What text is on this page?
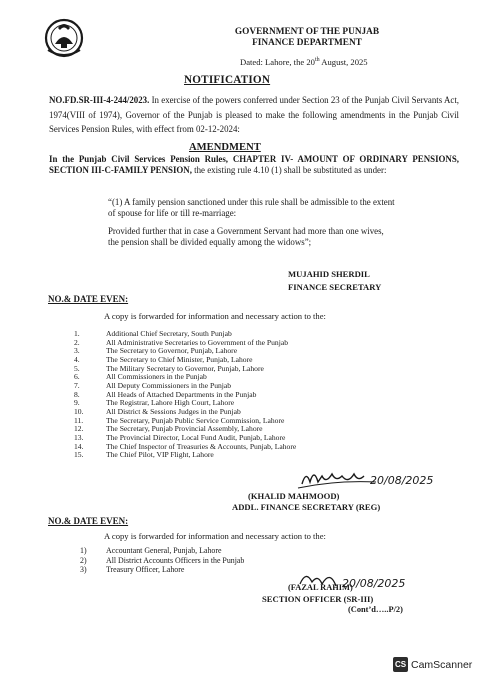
GOVERNMENT OF THE PUNJAB
FINANCE DEPARTMENT
Dated: Lahore, the 20th August, 2025
NOTIFICATION
NO.FD.SR-III-4-244/2023. In exercise of the powers conferred under Section 23 of the Punjab Civil Servants Act, 1974(VIII of 1974), Governor of the Punjab is pleased to make the following amendments in the Punjab Civil Services Pension Rules, with effect from 02-12-2024:
AMENDMENT
In the Punjab Civil Services Pension Rules, CHAPTER IV- AMOUNT OF ORDINARY PENSIONS, SECTION III-C-FAMILY PENSION, the existing rule 4.10 (1) shall be substituted as under:
“(1) A family pension sanctioned under this rule shall be admissible to the extent of spouse for life or till re-marriage:
Provided further that in case a Government Servant had more than one wives, the pension shall be divided equally among the widows”;
MUJAHID SHERDIL
FINANCE SECRETARY
NO.& DATE EVEN:
A copy is forwarded for information and necessary action to the:
1.	Additional Chief Secretary, South Punjab
2.	All Administrative Secretaries to Government of the Punjab
3.	The Secretary to Governor, Punjab, Lahore
4.	The Secretary to Chief Minister, Punjab, Lahore
5.	The Military Secretary to Governor, Punjab, Lahore
6.	All Commissioners in the Punjab
7.	All Deputy Commissioners in the Punjab
8.	All Heads of Attached Departments in the Punjab
9.	The Registrar, Lahore High Court, Lahore
10.	All District & Sessions Judges in the Punjab
11.	The Secretary, Punjab Public Service Commission, Lahore
12.	The Secretary, Punjab Provincial Assembly, Lahore
13.	The Provincial Director, Local Fund Audit, Punjab, Lahore
14.	The Chief Inspector of Treasuries & Accounts, Punjab, Lahore
15.	The Chief Pilot, VIP Flight, Lahore
20/08/2025
(KHALID MAHMOOD)
ADDL. FINANCE SECRETARY (REG)
NO.& DATE EVEN:
A copy is forwarded for information and necessary action to the:
1)	Accountant General, Punjab, Lahore
2)	All District Accounts Officers in the Punjab
3)	Treasury Officer, Lahore
20/08/2025
(FAZAL RAHIM)
SECTION OFFICER (SR-III)
(Cont’d…..P/2)
CS CamScanner
